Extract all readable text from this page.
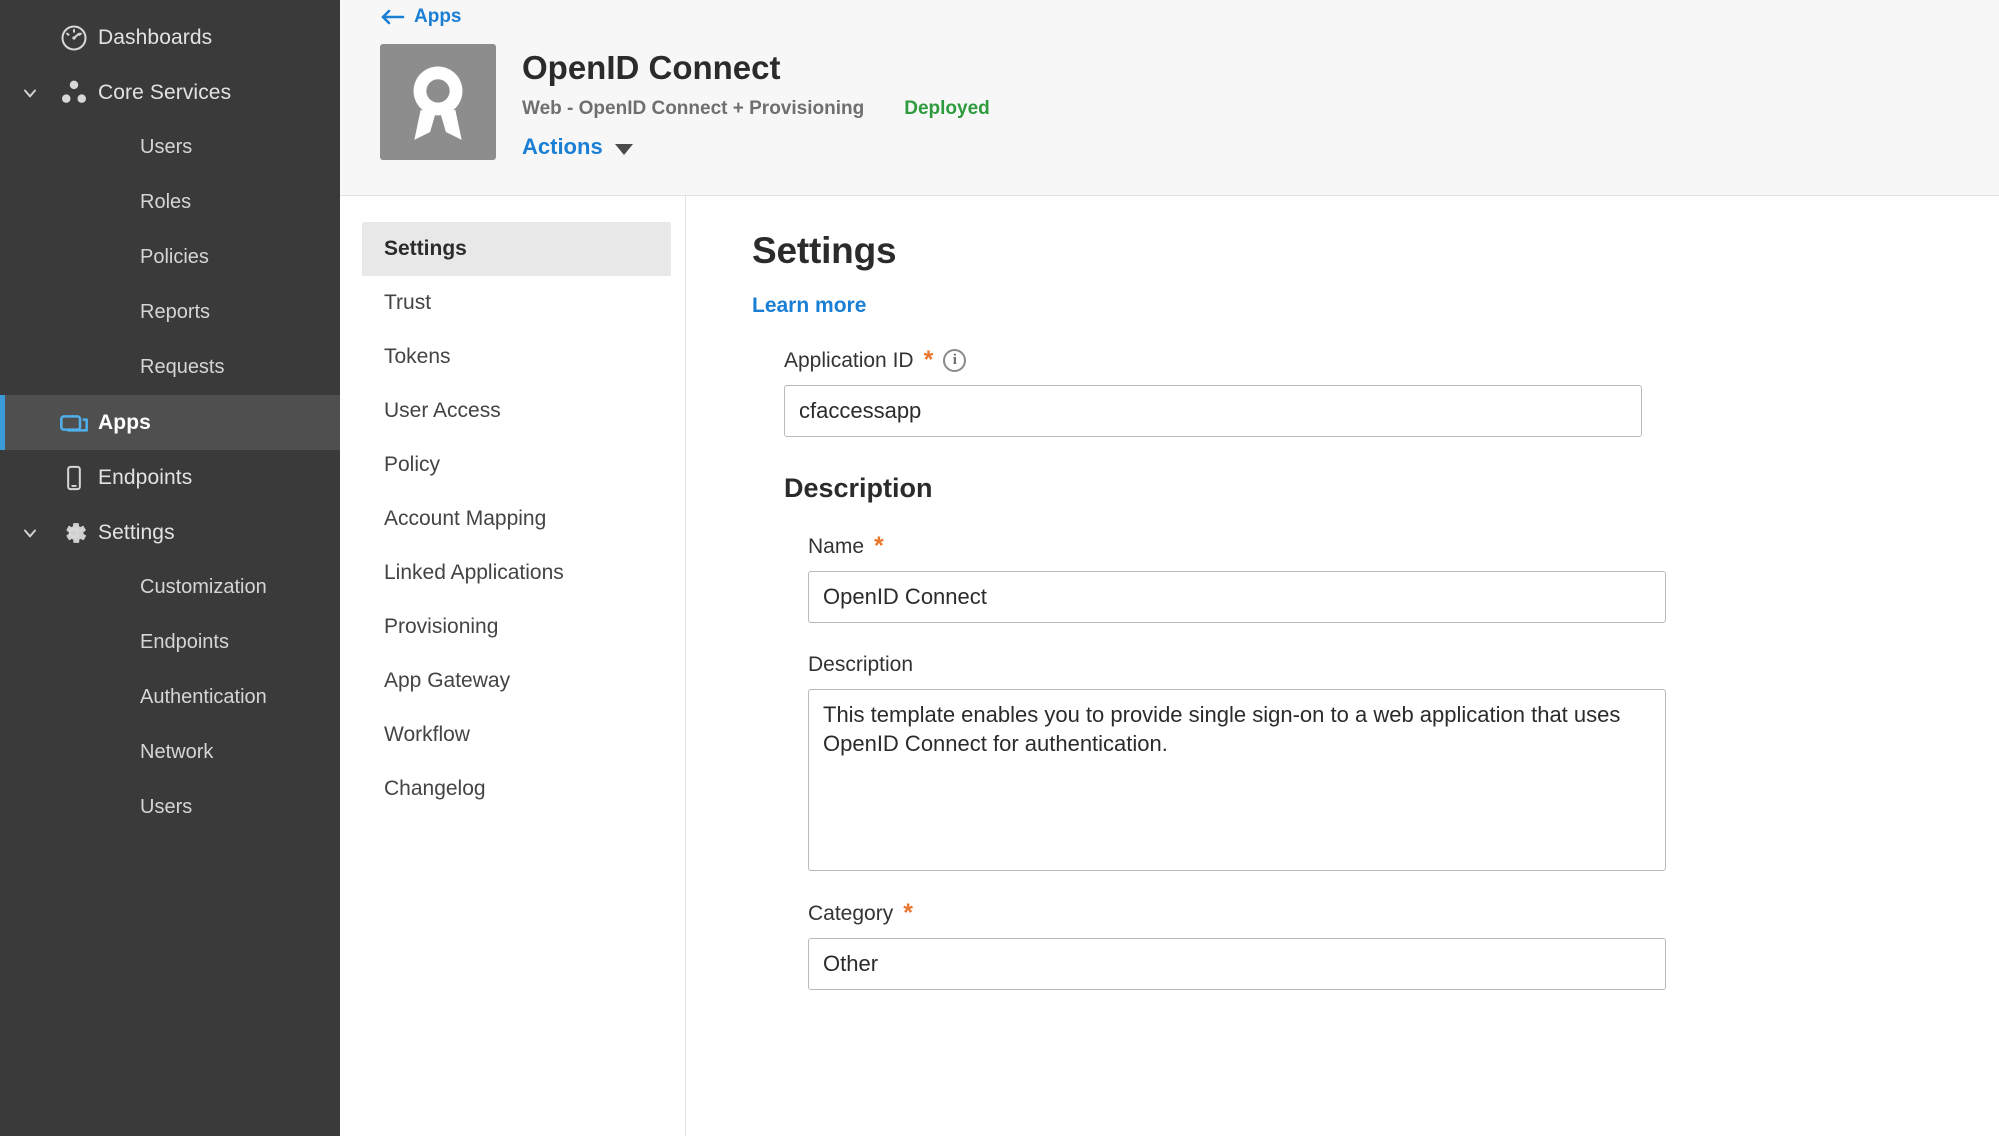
Dashboards
Core Services
Users
Roles
Policies
Reports
Requests
Apps
Endpoints
Settings
Customization
Endpoints
Authentication
Network
Users
Apps
OpenID Connect
Web - OpenID Connect + Provisioning Deployed
Actions
Settings
Trust
Tokens
User Access
Policy
Account Mapping
Linked Applications
Provisioning
App Gateway
Workflow
Changelog
Settings
Learn more
Application ID *	i
cfaccessapp
Description
Name *
OpenID Connect
Description
This template enables you to provide single sign-on to a web application that uses OpenID Connect for authentication.
Category *
Other
